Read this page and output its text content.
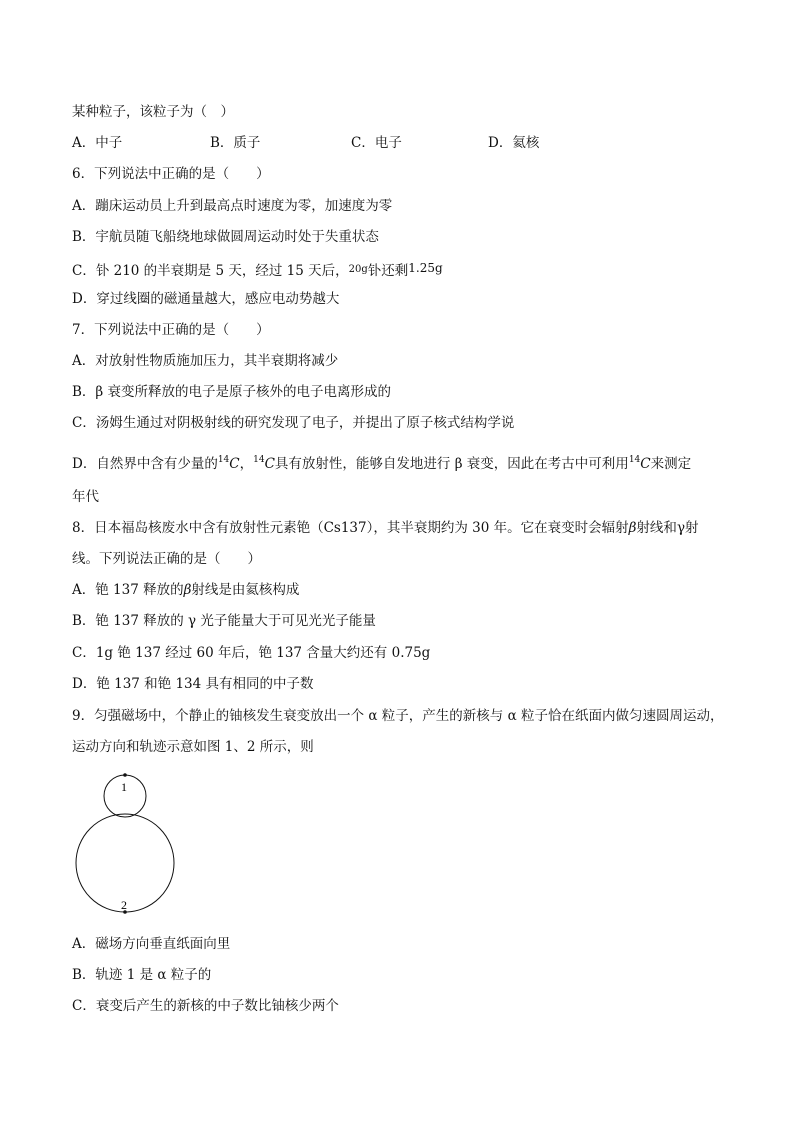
某种粒子，该粒子为（　）
A．中子	B．质子	C．电子	D．氦核
6．下列说法中正确的是（　　）
A．蹦床运动员上升到最高点时速度为零，加速度为零
B．宇航员随飞船绕地球做圆周运动时处于失重状态
C．钋 210 的半衰期是 5 天，经过 15 天后，$^{20g}$钋还剩1.25g
D．穿过线圈的磁通量越大，感应电动势越大
7．下列说法中正确的是（　　）
A．对放射性物质施加压力，其半衰期将减少
B．β 衰变所释放的电子是原子核外的电子电离形成的
C．汤姆生通过对阴极射线的研究发现了电子，并提出了原子核式结构学说
D．自然界中含有少量的$^{14}$C，$^{14}$C具有放射性，能够自发地进行 β 衰变，因此在考古中可利用$^{14}$C来测定
年代
8．日本福岛核废水中含有放射性元素铯（Cs137），其半衰期约为 30 年。它在衰变时会辐射β射线和γ射
线。下列说法正确的是（　　）
A．铯 137 释放的β射线是由氦核构成
B．铯 137 释放的 γ 光子能量大于可见光光子能量
C．1g 铯 137 经过 60 年后，铯 137 含量大约还有 0.75g
D．铯 137 和铯 134 具有相同的中子数
9．匀强磁场中，个静止的铀核发生衰变放出一个 α 粒子，产生的新核与 α 粒子恰在纸面内做匀速圆周运动，
运动方向和轨迹示意如图 1、2 所示，则
1
2
A．磁场方向垂直纸面向里
B．轨迹 1 是 α 粒子的
C．衰变后产生的新核的中子数比铀核少两个
